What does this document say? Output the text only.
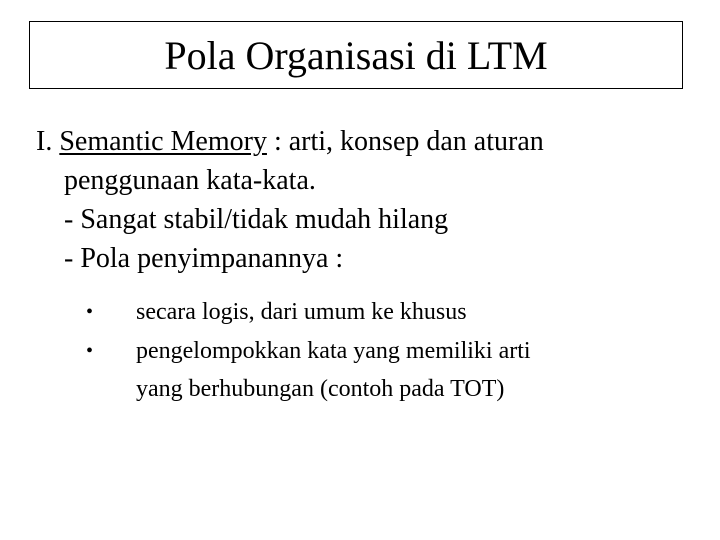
Pola Organisasi di LTM
I. Semantic Memory : arti, konsep dan aturan
penggunaan kata-kata.
- Sangat stabil/tidak mudah hilang
- Pola penyimpanannya :
•	secara logis, dari umum ke khusus
•	pengelompokkan kata yang memiliki arti
yang berhubungan (contoh pada TOT)
